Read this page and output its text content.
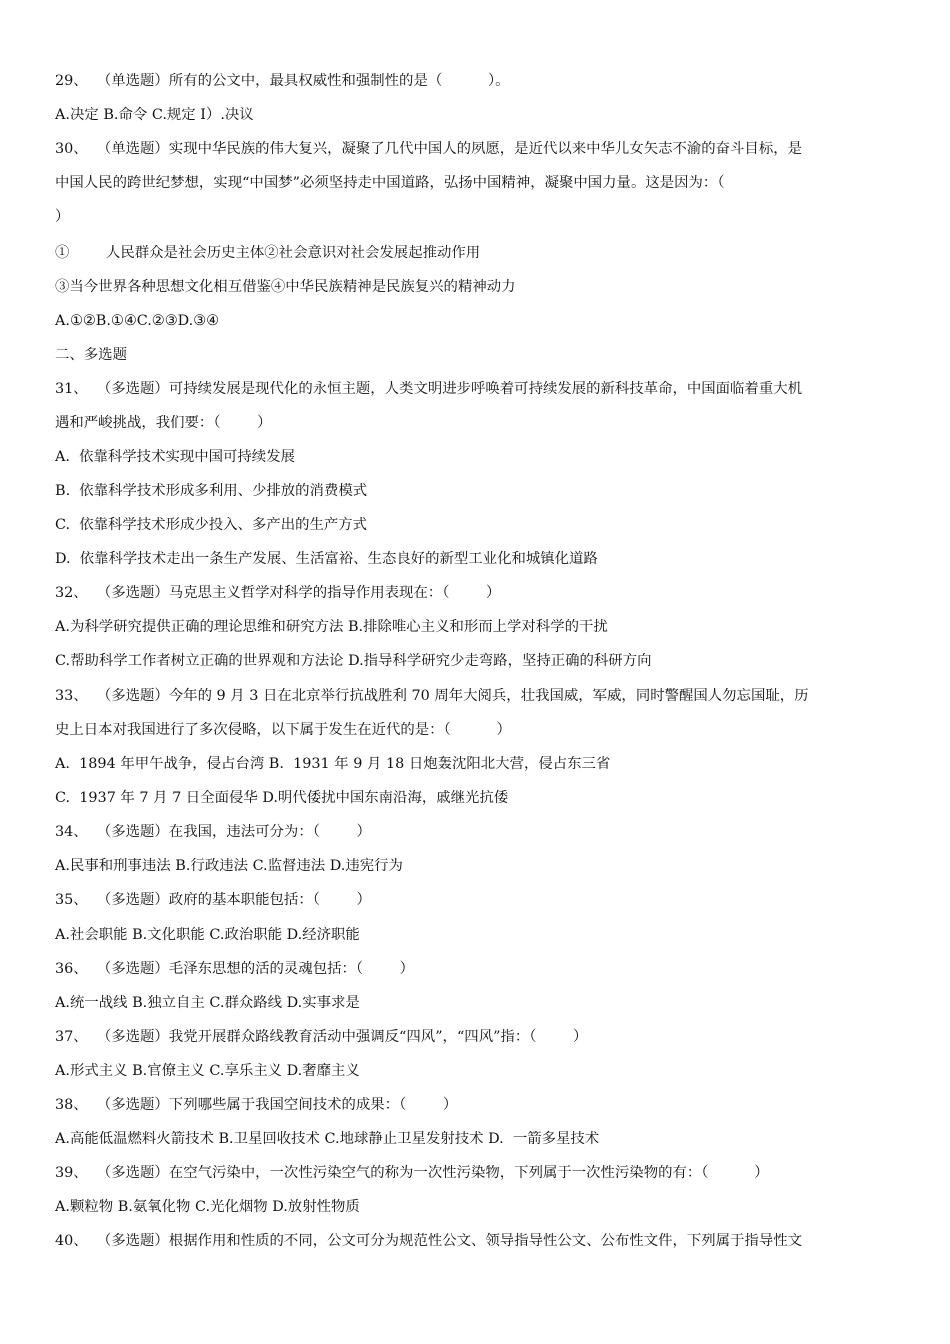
29、  （单选题）所有的公文中，最具权威性和强制性的是（          ）。
A.决定 B.命令 C.规定 I）.决议
30、  （单选题）实现中华民族的伟大复兴，凝聚了几代中国人的夙愿，是近代以来中华儿女矢志不渝的奋斗目标，是
中国人民的跨世纪梦想，实现“中国梦”必须坚持走中国道路，弘扬中国精神，凝聚中国力量。这是因为：（
）
①        人民群众是社会历史主体②社会意识对社会发展起推动作用
③当今世界各种思想文化相互借鉴④中华民族精神是民族复兴的精神动力
A.①②B.①④C.②③D.③④
二、多选题
31、  （多选题）可持续发展是现代化的永恒主题，人类文明进步呼唤着可持续发展的新科技革命，中国面临着重大机
遇和严峻挑战，我们要：（        ）
A.  依靠科学技术实现中国可持续发展
B.  依靠科学技术形成多利用、少排放的消费模式
C.  依靠科学技术形成少投入、多产出的生产方式
D.  依靠科学技术走出一条生产发展、生活富裕、生态良好的新型工业化和城镇化道路
32、  （多选题）马克思主义哲学对科学的指导作用表现在：（        ）
A.为科学研究提供正确的理论思维和研究方法 B.排除唯心主义和形而上学对科学的干扰
C.帮助科学工作者树立正确的世界观和方法论 D.指导科学研究少走弯路，坚持正确的科研方向
33、  （多选题）今年的 9 月 3 日在北京举行抗战胜利 70 周年大阅兵，壮我国威，军威，同时警醒国人勿忘国耻，历
史上日本对我国进行了多次侵略，以下属于发生在近代的是：（          ）
A.  1894 年甲午战争，侵占台湾 B.  1931 年 9 月 18 日炮轰沈阳北大营，侵占东三省
C.  1937 年 7 月 7 日全面侵华 D.明代倭扰中国东南沿海，戚继光抗倭
34、  （多选题）在我国，违法可分为：（        ）
A.民事和刑事违法 B.行政违法 C.监督违法 D.违宪行为
35、  （多选题）政府的基本职能包括：（        ）
A.社会职能 B.文化职能 C.政治职能 D.经济职能
36、  （多选题）毛泽东思想的活的灵魂包括：（        ）
A.统一战线 B.独立自主 C.群众路线 D.实事求是
37、  （多选题）我党开展群众路线教育活动中强调反“四风”，“四风”指：（        ）
A.形式主义 B.官僚主义 C.享乐主义 D.奢靡主义
38、  （多选题）下列哪些属于我国空间技术的成果：（        ）
A.高能低温燃料火箭技术 B.卫星回收技术 C.地球静止卫星发射技术 D.  一箭多星技术
39、  （多选题）在空气污染中，一次性污染空气的称为一次性污染物，下列属于一次性污染物的有：（          ）
A.颗粒物 B.氨氧化物 C.光化烟物 D.放射性物质
40、  （多选题）根据作用和性质的不同，公文可分为规范性公文、领导指导性公文、公布性文件，下列属于指导性文
